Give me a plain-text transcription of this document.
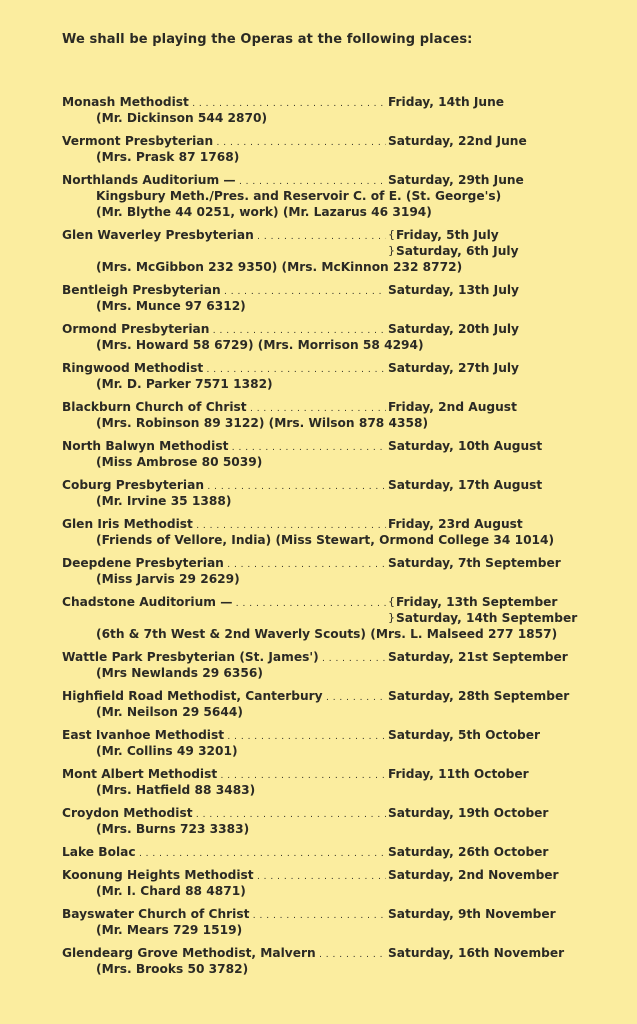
We shall be playing the Operas at the following places:
Monash Methodist . . .	Friday, 14th June
(Mr. Dickinson 544 2870)
Vermont Presbyterian . . .	Saturday, 22nd June
(Mrs. Prask 87 1768)
Northlands Auditorium — . . .	Saturday, 29th June
Kingsbury Meth./Pres. and Reservoir C. of E. (St. George's)
(Mr. Blythe 44 0251, work) (Mr. Lazarus 46 3194)
Glen Waverley Presbyterian . . .	{ Friday, 5th July
} Saturday, 6th July
(Mrs. McGibbon 232 9350) (Mrs. McKinnon 232 8772)
Bentleigh Presbyterian . . .	Saturday, 13th July
(Mrs. Munce 97 6312)
Ormond Presbyterian . . .	Saturday, 20th July
(Mrs. Howard 58 6729) (Mrs. Morrison 58 4294)
Ringwood Methodist . . .	Saturday, 27th July
(Mr. D. Parker 7571 1382)
Blackburn Church of Christ . . .	Friday, 2nd August
(Mrs. Robinson 89 3122) (Mrs. Wilson 878 4358)
North Balwyn Methodist . . .	Saturday, 10th August
(Miss Ambrose 80 5039)
Coburg Presbyterian . . .	Saturday, 17th August
(Mr. Irvine 35 1388)
Glen Iris Methodist . . .	Friday, 23rd August
(Friends of Vellore, India) (Miss Stewart, Ormond College 34 1014)
Deepdene Presbyterian . . .	Saturday, 7th September
(Miss Jarvis 29 2629)
Chadstone Auditorium — . . .	{ Friday, 13th September
} Saturday, 14th September
(6th & 7th West & 2nd Waverly Scouts) (Mrs. L. Malseed 277 1857)
Wattle Park Presbyterian (St. James') . . .	Saturday, 21st September
(Mrs Newlands 29 6356)
Highfield Road Methodist, Canterbury . . .	Saturday, 28th September
(Mr. Neilson 29 5644)
East Ivanhoe Methodist . . .	Saturday, 5th October
(Mr. Collins 49 3201)
Mont Albert Methodist . . .	Friday, 11th October
(Mrs. Hatfield 88 3483)
Croydon Methodist . . .	Saturday, 19th October
(Mrs. Burns 723 3383)
Lake Bolac . . .	Saturday, 26th October
Koonung Heights Methodist . . .	Saturday, 2nd November
(Mr. I. Chard 88 4871)
Bayswater Church of Christ . . .	Saturday, 9th November
(Mr. Mears 729 1519)
Glendearg Grove Methodist, Malvern . . .	Saturday, 16th November
(Mrs. Brooks 50 3782)
